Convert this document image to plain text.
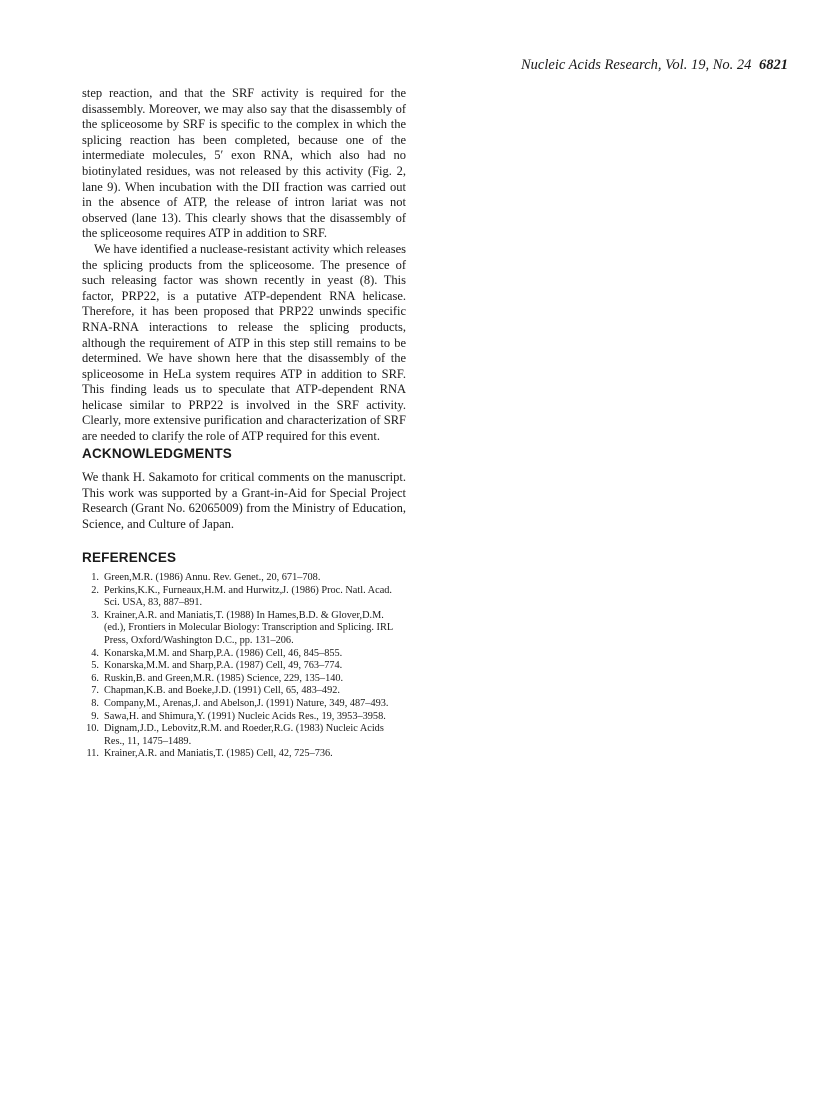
Nucleic Acids Research, Vol. 19, No. 24 6821

step reaction, and that the SRF activity is required for the disassembly. Moreover, we may also say that the disassembly of the spliceosome by SRF is specific to the complex in which the splicing reaction has been completed, because one of the intermediate molecules, 5′ exon RNA, which also had no biotinylated residues, was not released by this activity (Fig. 2, lane 9). When incubation with the DII fraction was carried out in the absence of ATP, the release of intron lariat was not observed (lane 13). This clearly shows that the disassembly of the spliceosome requires ATP in addition to SRF.

We have identified a nuclease-resistant activity which releases the splicing products from the spliceosome. The presence of such releasing factor was shown recently in yeast (8). This factor, PRP22, is a putative ATP-dependent RNA helicase. Therefore, it has been proposed that PRP22 unwinds specific RNA-RNA interactions to release the splicing products, although the requirement of ATP in this step still remains to be determined. We have shown here that the disassembly of the spliceosome in HeLa system requires ATP in addition to SRF. This finding leads us to speculate that ATP-dependent RNA helicase similar to PRP22 is involved in the SRF activity. Clearly, more extensive purification and characterization of SRF are needed to clarify the role of ATP required for this event.

ACKNOWLEDGMENTS

We thank H. Sakamoto for critical comments on the manuscript. This work was supported by a Grant-in-Aid for Special Project Research (Grant No. 62065009) from the Ministry of Education, Science, and Culture of Japan.

REFERENCES
1. Green,M.R. (1986) Annu. Rev. Genet., 20, 671–708.
2. Perkins,K.K., Furneaux,H.M. and Hurwitz,J. (1986) Proc. Natl. Acad. Sci. USA, 83, 887–891.
3. Krainer,A.R. and Maniatis,T. (1988) In Hames,B.D. & Glover,D.M. (ed.), Frontiers in Molecular Biology: Transcription and Splicing. IRL Press, Oxford/Washington D.C., pp. 131–206.
4. Konarska,M.M. and Sharp,P.A. (1986) Cell, 46, 845–855.
5. Konarska,M.M. and Sharp,P.A. (1987) Cell, 49, 763–774.
6. Ruskin,B. and Green,M.R. (1985) Science, 229, 135–140.
7. Chapman,K.B. and Boeke,J.D. (1991) Cell, 65, 483–492.
8. Company,M., Arenas,J. and Abelson,J. (1991) Nature, 349, 487–493.
9. Sawa,H. and Shimura,Y. (1991) Nucleic Acids Res., 19, 3953–3958.
10. Dignam,J.D., Lebovitz,R.M. and Roeder,R.G. (1983) Nucleic Acids Res., 11, 1475–1489.
11. Krainer,A.R. and Maniatis,T. (1985) Cell, 42, 725–736.
